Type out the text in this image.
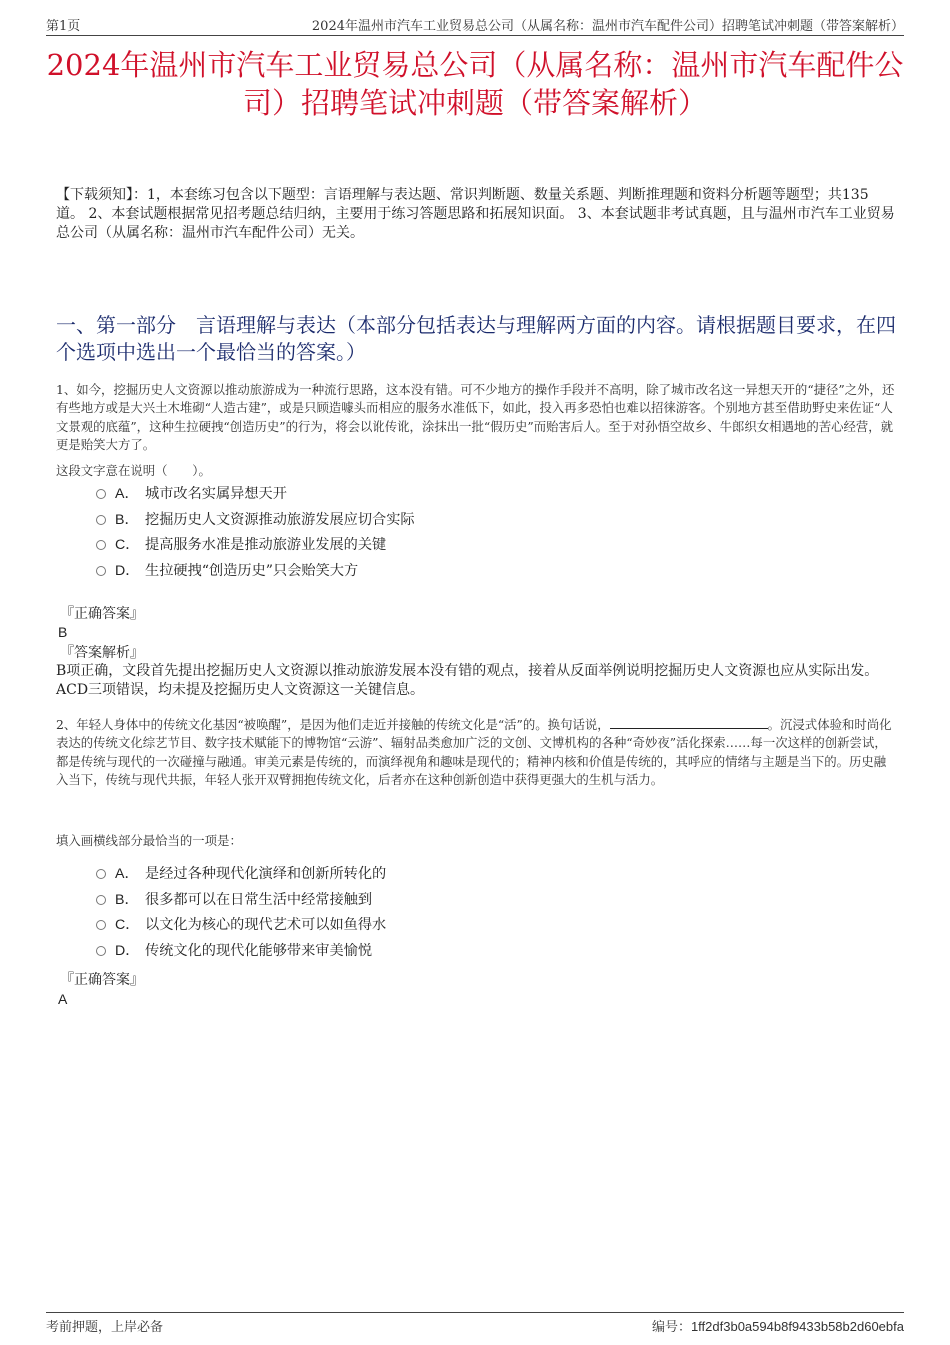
第1页	2024年温州市汽车工业贸易总公司（从属名称：温州市汽车配件公司）招聘笔试冲刺题（带答案解析）
2024年温州市汽车工业贸易总公司（从属名称：温州市汽车配件公司）招聘笔试冲刺题（带答案解析）

【下载须知】：1，本套练习包含以下题型：言语理解与表达题、常识判断题、数量关系题、判断推理题和资料分析题等题型；共135道。 2、本套试题根据常见招考题总结归纳，主要用于练习答题思路和拓展知识面。 3、本套试题非考试真题，且与温州市汽车工业贸易总公司（从属名称：温州市汽车配件公司）无关。

一、第一部分　言语理解与表达（本部分包括表达与理解两方面的内容。请根据题目要求，在四个选项中选出一个最恰当的答案。）

1、如今，挖掘历史人文资源以推动旅游成为一种流行思路，这本没有错。可不少地方的操作手段并不高明，除了城市改名这一异想天开的“捷径”之外，还有些地方或是大兴土木堆砌“人造古建”，或是只顾造噱头而相应的服务水准低下，如此，投入再多恐怕也难以招徕游客。个别地方甚至借助野史来佐证“人文景观的底蕴”，这种生拉硬拽“创造历史”的行为，将会以讹传讹，涂抹出一批“假历史”而贻害后人。至于对孙悟空故乡、牛郎织女相遇地的苦心经营，就更是贻笑大方了。

这段文字意在说明（　　）。

A． 城市改名实属异想天开
B． 挖掘历史人文资源推动旅游发展应切合实际
C． 提高服务水准是推动旅游业发展的关键
D． 生拉硬拽“创造历史”只会贻笑大方

『正确答案』

B

『答案解析』

B项正确，文段首先提出挖掘历史人文资源以推动旅游发展本没有错的观点，接着从反面举例说明挖掘历史人文资源也应从实际出发。ACD三项错误，均未提及挖掘历史人文资源这一关键信息。

2、年轻人身体中的传统文化基因“被唤醒”，是因为他们走近并接触的传统文化是“活”的。换句话说，	。沉浸式体验和时尚化表达的传统文化综艺节目、数字技术赋能下的博物馆“云游”、辐射品类愈加广泛的文创、文博机构的各种“奇妙夜”活化探索……每一次这样的创新尝试，都是传统与现代的一次碰撞与融通。审美元素是传统的，而演绎视角和趣味是现代的；精神内核和价值是传统的，其呼应的情绪与主题是当下的。历史融入当下，传统与现代共振，年轻人张开双臂拥抱传统文化，后者亦在这种创新创造中获得更强大的生机与活力。

填入画横线部分最恰当的一项是：

A． 是经过各种现代化演绎和创新所转化的
B． 很多都可以在日常生活中经常接触到
C． 以文化为核心的现代艺术可以如鱼得水
D． 传统文化的现代化能够带来审美愉悦

『正确答案』

A

考前押题，上岸必备	编号：1ff2df3b0a594b8f9433b58b2d60ebfa
